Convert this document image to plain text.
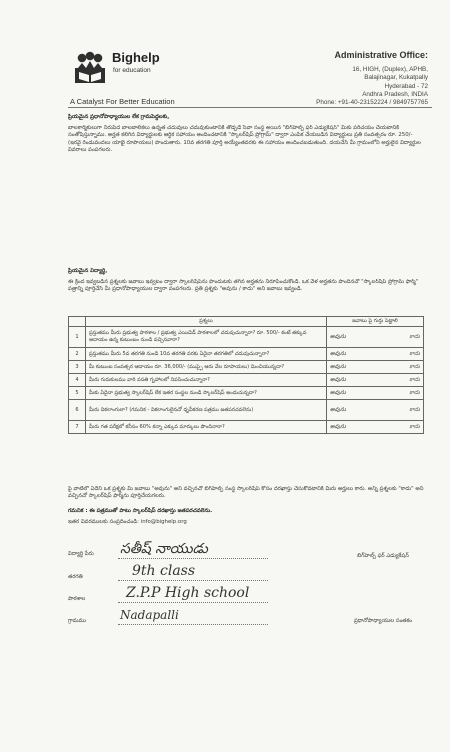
Bighelp
for education
A Catalyst For Better Education
Administrative Office:
16, HIGH, (Duplex), APHB,
Balajinagar, Kukatpally
Hyderabad - 72
Andhra Pradesh, INDIA
Phone: +91-40-23152224 / 9849757765
ప్రియమైన ప్రధానోపాధ్యాయుల లేక గ్రామపెద్దలకు,
బాలకార్మికులుగా నిరుపేద బాలబాలికలు ఉన్నత చదువులు చదువుకుంటానికి తోడ్పడే సేవా సంస్థ అయిన "బిగ్‌హెల్ప్ ఫర్ ఎడ్యుకేషన్" మీకు పరిచయం చేయటానికి సంతోషిస్తున్నాము. అర్హత కలిగిన విద్యార్థులకు ఆర్థిక సహాయం అందించటానికి "స్కాలర్‌షిప్ ప్రోగ్రామ్" ద్వారా ఎంపిక చేయబడిన విద్యార్థులు ప్రతి సంవత్సరం రూ. 250/- (ఇరవై రెండువందలు యాభై రూపాయలు) పొందుతారు. 10వ తరగతి పూర్తి అయ్యేంతవరకు ఈ సహాయం అందించబడుతుంది. దయచేసి మీ గ్రామంలోని అర్హులైన విద్యార్థుల వివరాలు పంపగలరు.
ప్రియమైన విద్యార్థి,
ఈ క్రింద ఇవ్వబడిన ప్రశ్నలకు జవాబు ఇవ్వటం ద్వారా స్కాలర్‌షిప్‌ను పొందుటకు తగిన అర్హతను నిరూపించుకోండి. ఒక వేళ అర్హతను పొందినచో "స్కాలర్‌షిప్ ప్రోగ్రామ్ ఫార్మ్" పత్రాన్ని పూర్తిచేసి మీ ప్రధానోపాధ్యాయుల ద్వారా పంపగలరు. ప్రతి ప్రశ్నకు "అవును / కాదు" అని జవాబు ఇవ్వండి.
	ప్రశ్నలు	జవాబు పై గుర్తు పెట్టాలి
1	ప్రస్తుతము మీరు ప్రభుత్వ పాఠశాల / ప్రభుత్వ ఎయిడెడ్ పాఠశాలలో చదువుచున్నారా? రూ. 500/- కంటే తక్కువ ఆదాయం ఉన్న కుటుంబం నుండి వచ్చినవారా?	అవును కాదు

2	ప్రస్తుతము మీరు 5వ తరగతి నుండి 10వ తరగతి వరకు ఏదైనా తరగతిలో చదువుచున్నారా?	అవును కాదు

3	మీ కుటుంబ సంవత్సర ఆదాయం రూ. 36,000/- (ముప్పై ఆరు వేల రూపాయలు) మించియున్నదా?	అవును కాదు

4	మీరు గురుకులము వారి వసతి గృహాలలో నివసించుచున్నారా?	అవును కాదు

5	మీకు ఏదైనా ప్రభుత్వ స్కాలర్‌షిప్ లేక ఇతర సంస్థల నుండి స్కాలర్‌షిప్ అందుచున్నదా?	అవును కాదు

6	మీరు వికలాంగులా? (గమనిక - వికలాంగులైనచో ధృవీకరణ పత్రము జతపరచవలెను)	అవును కాదు

7	మీరు గత పరీక్షలో కనీసం 60% కన్నా ఎక్కువ మార్కులు పొందినారా?	అవును కాదు
పై వాటిలో ఏదేని ఒక ప్రశ్నకు మీ జవాబు "అవును" అని వచ్చినచో బిగ్‌హెల్ప్ సంస్థ స్కాలర్‌షిప్ కోసం దరఖాస్తు చేసుకోవటానికి మీరు అర్హులు కారు. అన్ని ప్రశ్నలకు "కాదు" అని వచ్చినచో స్కాలర్‌షిప్ ఫార్మ్‌ను పూర్తిచేయగలరు.
గమనిక : ఈ పత్రముతో పాటు స్కాలర్‌షిప్ దరఖాస్తు జతపరచవలెను.
ఇతర వివరములకు సంప్రదించండి: info@bighelp.org
విద్యార్థి పేరు సతీష్ నాయుడు
తరగతి	9th class
పాఠశాల	Z.P.P High school
గ్రామము	Nadapalli
బిగ్‌హెల్ప్ ఫర్ ఎడ్యుకేషన్
ప్రధానోపాధ్యాయుల సంతకం
